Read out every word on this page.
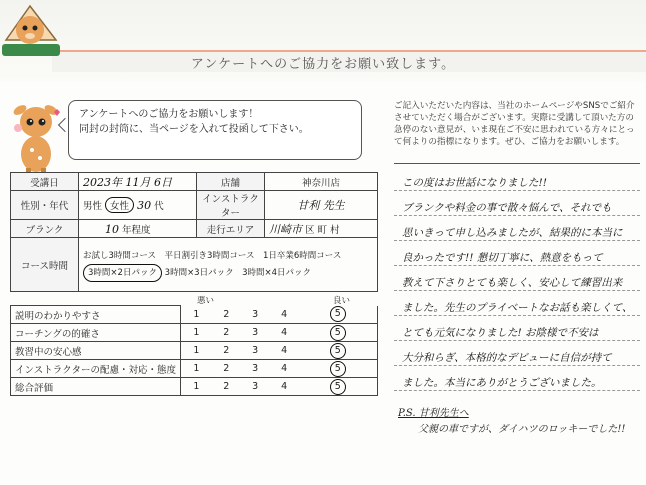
アンケートへのご協力をお願い致します。
アンケートへのご協力をお願いします！
同封の封筒に、当ページを入れて投函して下さい。
受講日	2023年 11月 6日	店舗	神奈川店
性別・年代	男性 女性 30 代	インストラクター	甘利 先生
ブランク	10 年程度	走行エリア	川崎市 区 町 村
コース時間	お試し3時間コース　平日割引き3時間コース　1日卒業6時間コース
3時間×2日パック 3時間×3日パック　3時間×4日パック		
悪い	良い
説明のわかりやすさ	1	2	3	4	5
コーチングの的確さ	1	2	3	4	5
教習中の安心感	1	2	3	4	5
インストラクターの配慮・対応・態度	1	2	3	4	5
総合評価	1	2	3	4	5
ご記入いただいた内容は、当社のホームページやSNSでご紹介させていただく場合がございます。実際に受講して頂いた方の急停のない意見が、いま現在ご不安に思われている方々にとって何よりの指標になります。ぜひ、ご協力をお願いします。
この度はお世話になりました!!
ブランクや料金の事で散々悩んで、それでも
思いきって申し込みましたが、結果的に本当に
良かったです!! 懇切丁寧に、熱意をもって
教えて下さりとても楽しく、安心して練習出来
ました。先生のプライベートなお話も楽しくて、
とても元気になりました! お陰様で不安は
大分和らぎ、本格的なデビューに自信が持て
ました。本当にありがとうございました。
P.S. 甘利先生へ
父親の車ですが、ダイハツのロッキーでした!!
